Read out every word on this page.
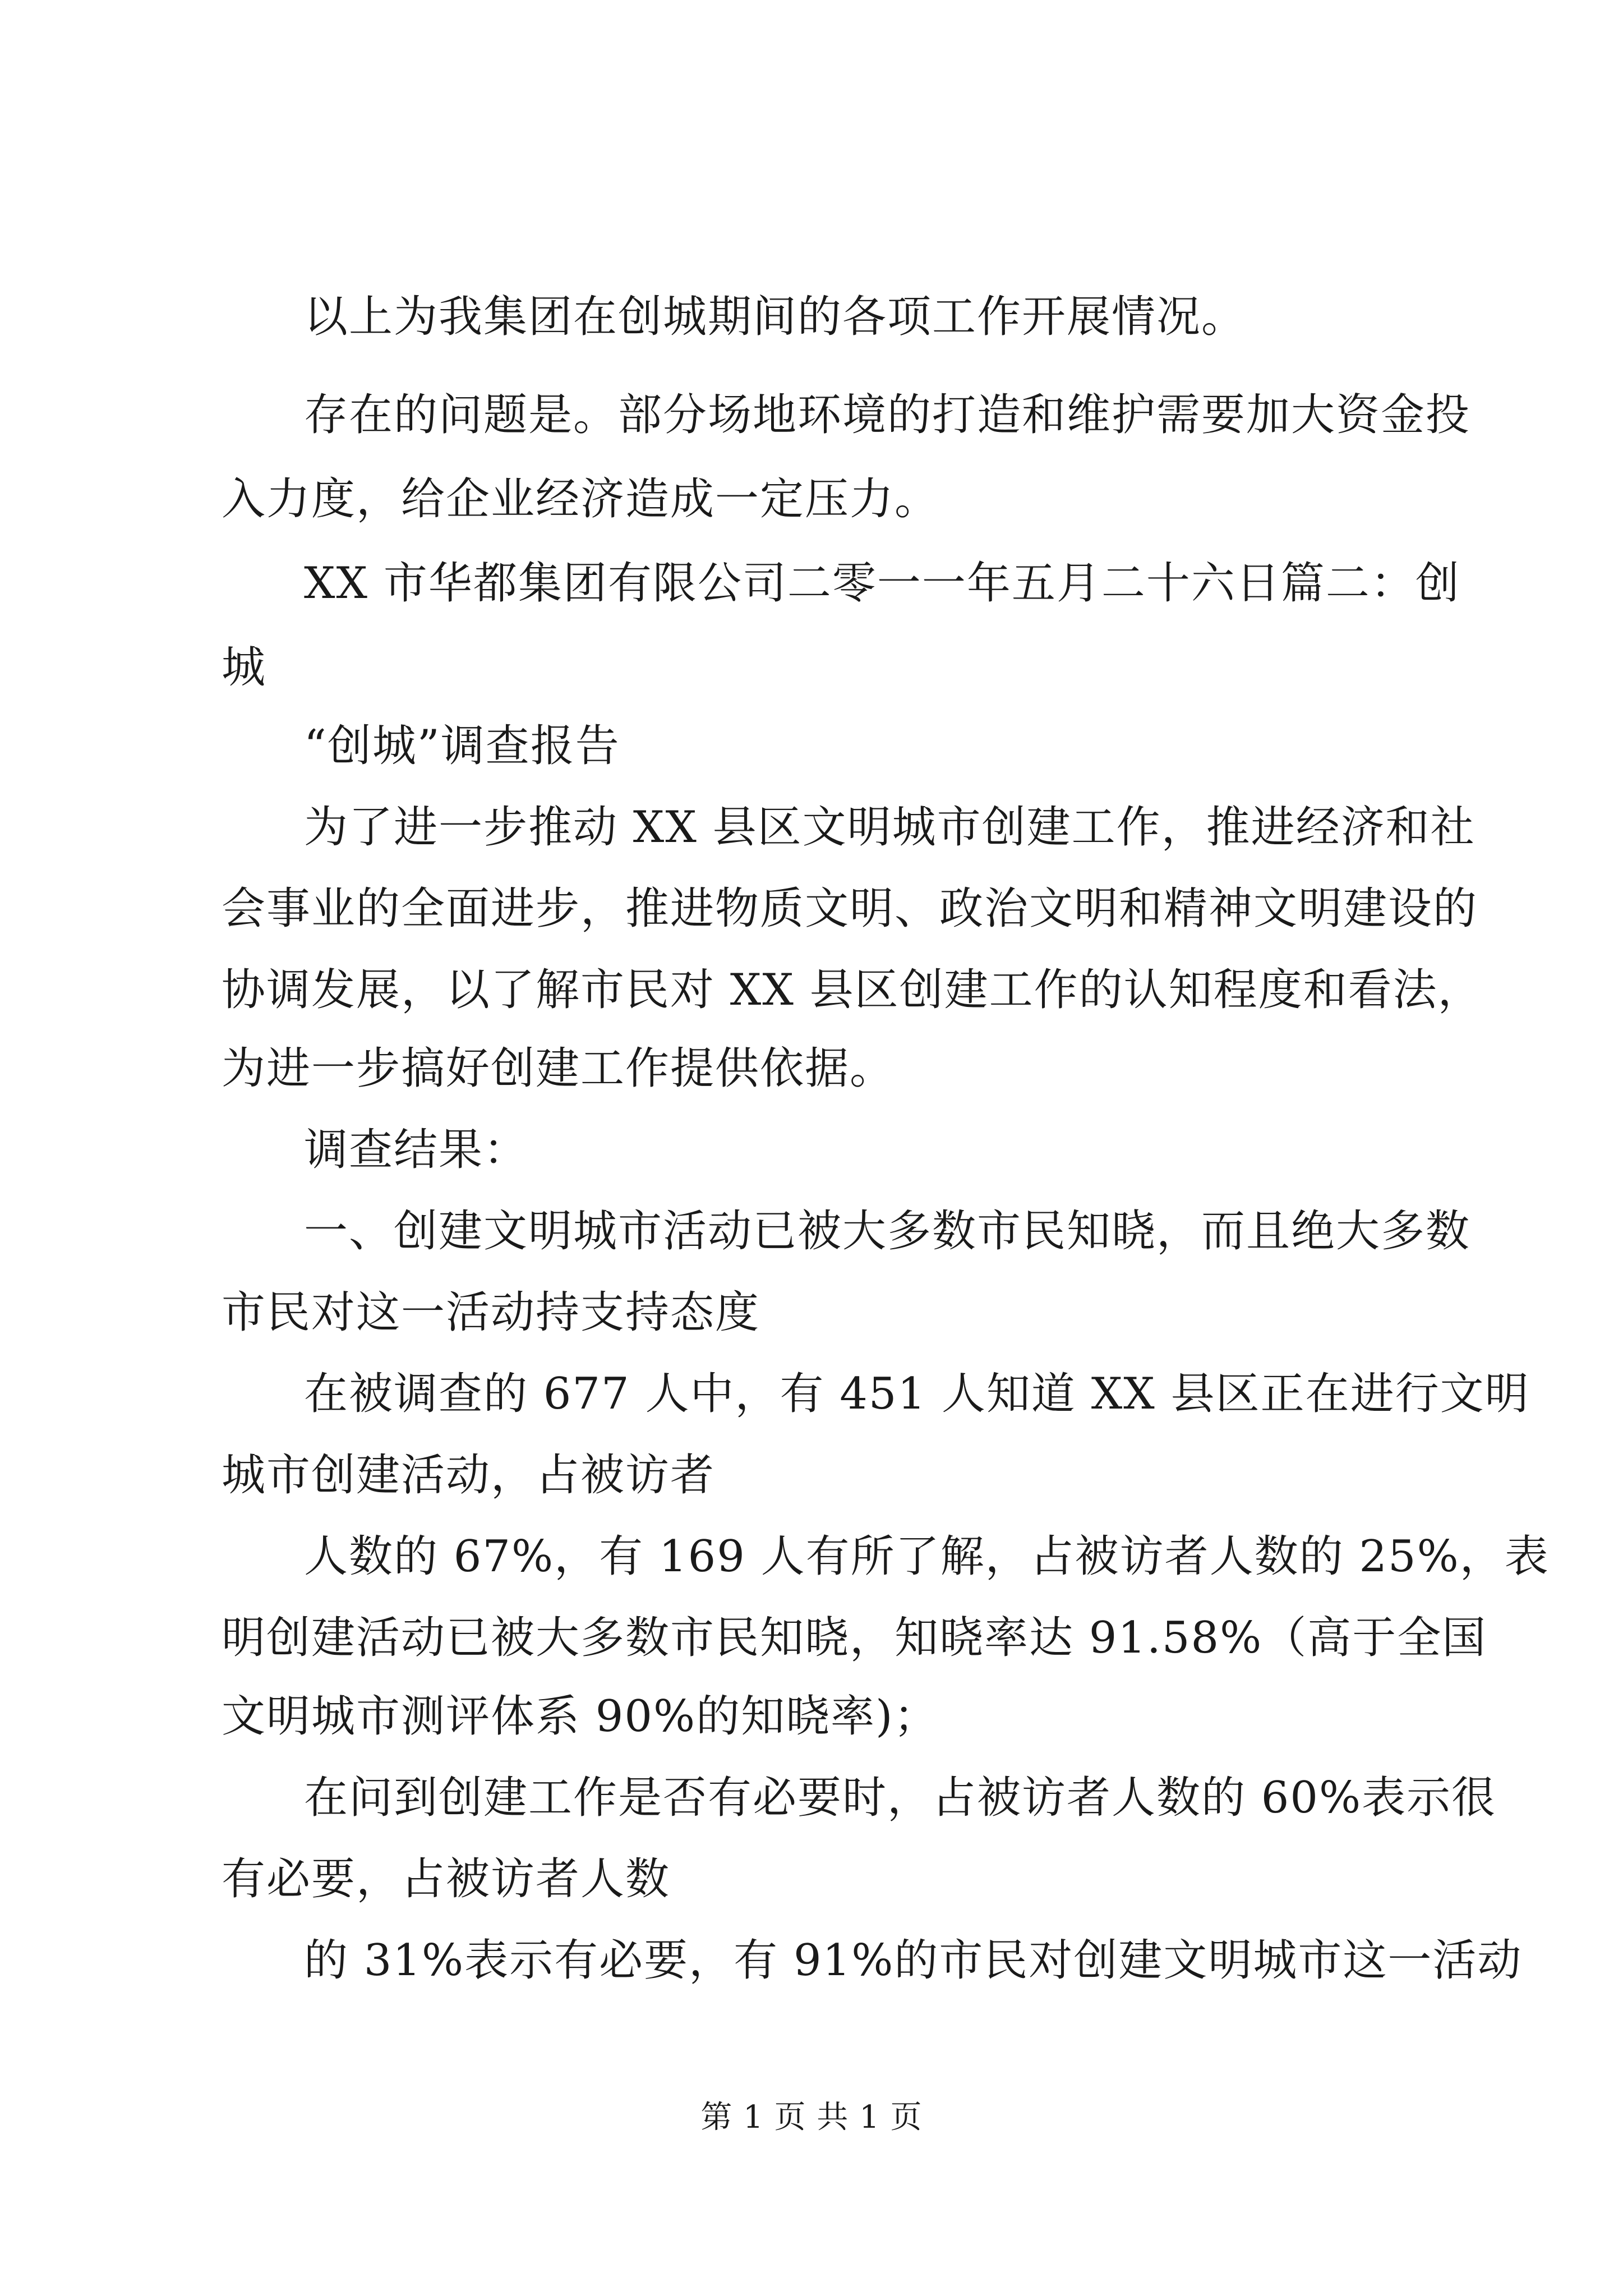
以上为我集团在创城期间的各项工作开展情况。
存在的问题是。部分场地环境的打造和维护需要加大资金投
入力度，给企业经济造成一定压力。
XX 市华都集团有限公司二零一一年五月二十六日篇二：创
城
“创城”调查报告
为了进一步推动 XX 县区文明城市创建工作，推进经济和社
会事业的全面进步，推进物质文明、政治文明和精神文明建设的
协调发展，以了解市民对 XX 县区创建工作的认知程度和看法，
为进一步搞好创建工作提供依据。
调查结果：
一、创建文明城市活动已被大多数市民知晓，而且绝大多数
市民对这一活动持支持态度
在被调查的 677 人中，有 451 人知道 XX 县区正在进行文明
城市创建活动，占被访者
人数的 67%，有 169 人有所了解，占被访者人数的 25%，表
明创建活动已被大多数市民知晓，知晓率达 91.58%（高于全国
文明城市测评体系 90%的知晓率)；
在问到创建工作是否有必要时，占被访者人数的 60%表示很
有必要，占被访者人数
的 31%表示有必要，有 91%的市民对创建文明城市这一活动
第 1 页 共 1 页
